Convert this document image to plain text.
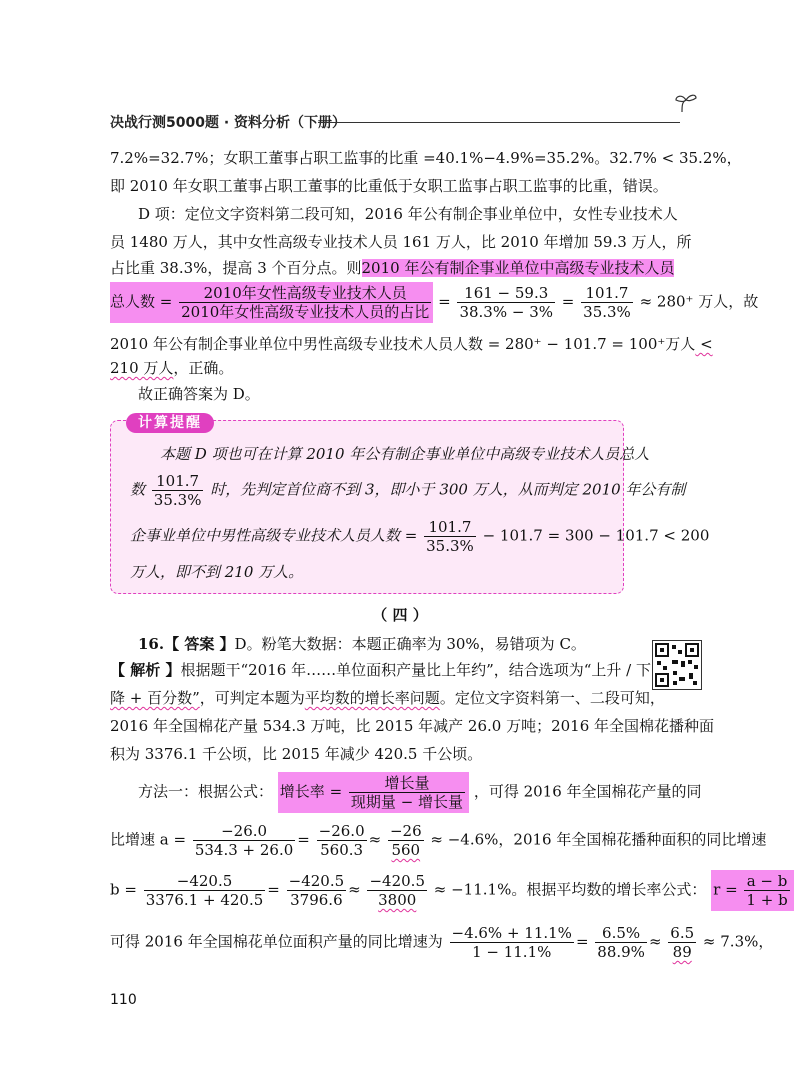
决战行测5000题 · 资料分析（下册）
7.2%=32.7%；女职工董事占职工监事的比重 =40.1%−4.9%=35.2%。32.7% < 35.2%，
即 2010 年女职工董事占职工董事的比重低于女职工监事占职工监事的比重，错误。
D 项：定位文字资料第二段可知，2016 年公有制企事业单位中，女性专业技术人
员 1480 万人，其中女性高级专业技术人员 161 万人，比 2010 年增加 59.3 万人，所
占比重 38.3%，提高 3 个百分点。则2010 年公有制企事业单位中高级专业技术人员
总人数 = $\frac{\text{2010年女性高级专业技术人员}}{\text{2010年女性高级专业技术人员的占比}} = \frac{161 - 59.3}{38.3\% - 3\%} = \frac{101.7}{35.3\%} \approx 280^+$ 万人，故
2010 年公有制企事业单位中男性高级专业技术人员人数 = 280⁺ − 101.7 = 100⁺万人 <
210 万人，正确。
故正确答案为 D。
计算提醒
本题 D 项也可在计算 2010 年公有制企事业单位中高级专业技术人员总人
数 $\frac{101.7}{35.3\%}$ 时，先判定首位商不到 3，即小于 300 万人，从而判定 2010 年公有制
企事业单位中男性高级专业技术人员人数 = $\frac{101.7}{35.3\%} - 101.7 = 300 - 101.7 < 200$
万人，即不到 210 万人。
（ 四 ）
16.【 答案 】D。粉笔大数据：本题正确率为 30%，易错项为 C。
【 解析 】根据题干“2016 年……单位面积产量比上年约”，结合选项为“上升 / 下
降 + 百分数”，可判定本题为平均数的增长率问题。定位文字资料第一、二段可知，
2016 年全国棉花产量 534.3 万吨，比 2015 年减产 26.0 万吨；2016 年全国棉花播种面
积为 3376.1 千公顷，比 2015 年减少 420.5 千公顷。
方法一：根据公式： 增长率 = $\frac{\text{增长量}}{\text{现期量 − 增长量}}$ ，可得 2016 年全国棉花产量的同
比增速 $a = \frac{-26.0}{534.3 + 26.0} = \frac{-26.0}{560.3} \approx \frac{-26}{560} \approx -4.6\%$，2016 年全国棉花播种面积的同比增速
$b = \frac{-420.5}{3376.1 + 420.5} = \frac{-420.5}{3796.6} \approx \frac{-420.5}{3800} \approx -11.1\%$。根据平均数的增长率公式： $r = \frac{a - b}{1 + b}$
可得 2016 年全国棉花单位面积产量的同比增速为 $\frac{-4.6\% + 11.1\%}{1 - 11.1\%} = \frac{6.5\%}{88.9\%} \approx \frac{6.5}{89} \approx 7.3\%$，
110
